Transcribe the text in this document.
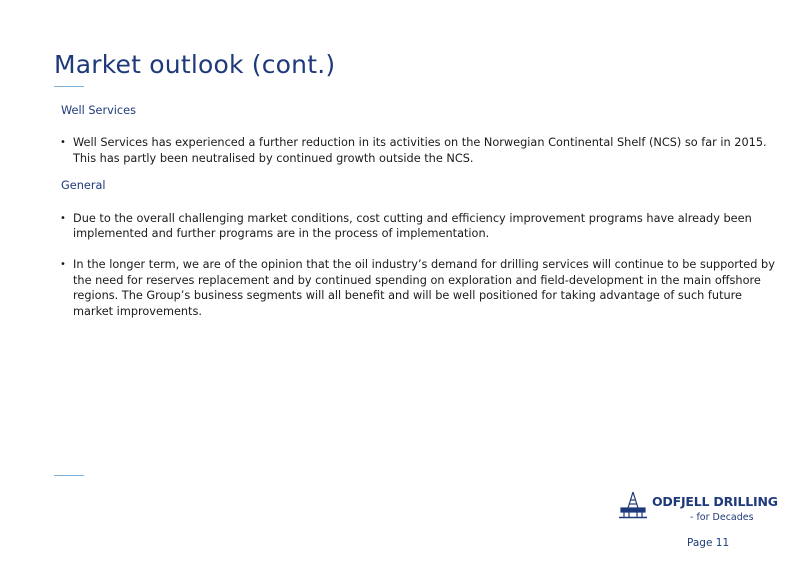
Market outlook (cont.)

Well Services

• Well Services has experienced a further reduction in its activities on the Norwegian Continental Shelf (NCS) so far in 2015. This has partly been neutralised by continued growth outside the NCS.

General

• Due to the overall challenging market conditions, cost cutting and efficiency improvement programs have already been implemented and further programs are in the process of implementation.

• In the longer term, we are of the opinion that the oil industry’s demand for drilling services will continue to be supported by the need for reserves replacement and by continued spending on exploration and field-development in the main offshore regions. The Group’s business segments will all benefit and will be well positioned for taking advantage of such future market improvements.

ODFJELL DRILLING
- for Decades
Page 11
